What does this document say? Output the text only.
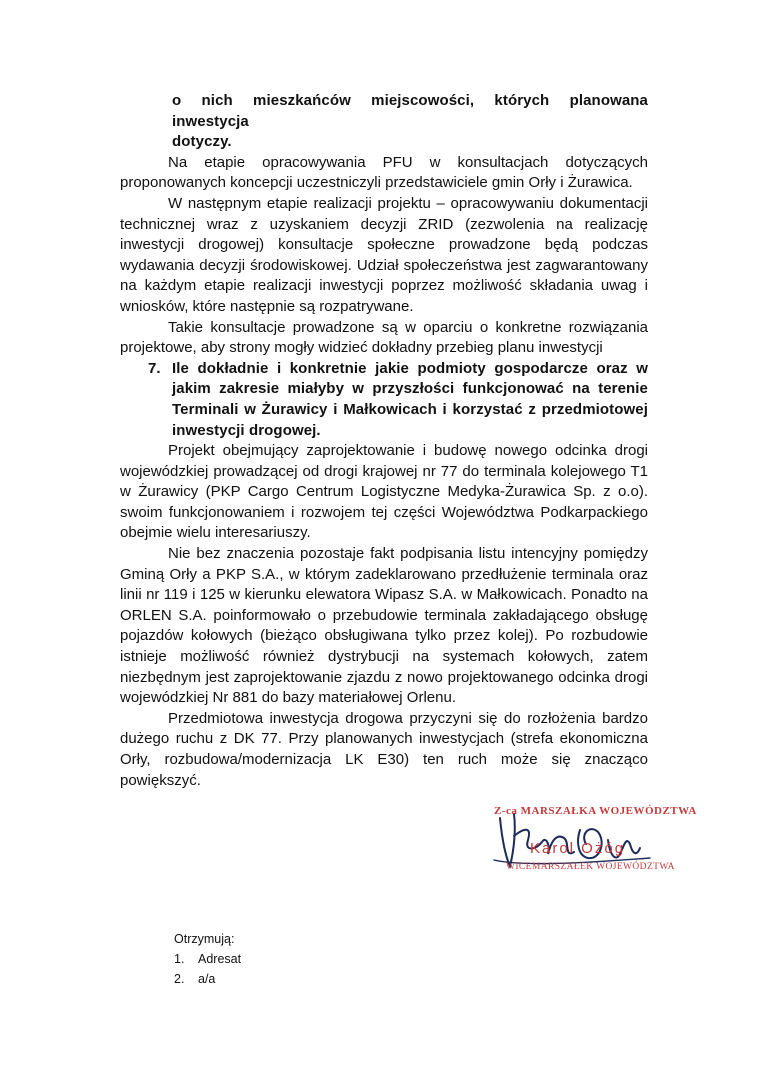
o nich mieszkańców miejscowości, których planowana inwestycja

dotyczy.

Na etapie opracowywania PFU w konsultacjach dotyczących proponowanych koncepcji uczestniczyli przedstawiciele gmin Orły i Żurawica.

W następnym etapie realizacji projektu – opracowywaniu dokumentacji technicznej wraz z uzyskaniem decyzji ZRID (zezwolenia na realizację inwestycji drogowej) konsultacje społeczne prowadzone będą podczas wydawania decyzji środowiskowej. Udział społeczeństwa jest zagwarantowany na każdym etapie realizacji inwestycji poprzez możliwość składania uwag i wniosków, które następnie są rozpatrywane.

Takie konsultacje prowadzone są w oparciu o konkretne rozwiązania projektowe, aby strony mogły widzieć dokładny przebieg planu inwestycji

7. Ile dokładnie i konkretnie jakie podmioty gospodarcze oraz w jakim zakresie miałyby w przyszłości funkcjonować na terenie Terminali w Żurawicy i Małkowicach i korzystać z przedmiotowej inwestycji drogowej.

Projekt obejmujący zaprojektowanie i budowę nowego odcinka drogi wojewódzkiej prowadzącej od drogi krajowej nr 77 do terminala kolejowego T1 w Żurawicy (PKP Cargo Centrum Logistyczne Medyka-Żurawica Sp. z o.o). swoim funkcjonowaniem i rozwojem tej części Województwa Podkarpackiego obejmie wielu interesariuszy.

Nie bez znaczenia pozostaje fakt podpisania listu intencyjny pomiędzy Gminą Orły a PKP S.A., w którym zadeklarowano przedłużenie terminala oraz linii nr 119 i 125 w kierunku elewatora Wipasz S.A. w Małkowicach. Ponadto na ORLEN S.A. poinformowało o przebudowie terminala zakładającego obsługę pojazdów kołowych (bieżąco obsługiwana tylko przez kolej). Po rozbudowie istnieje możliwość również dystrybucji na systemach kołowych, zatem niezbędnym jest zaprojektowanie zjazdu z nowo projektowanego odcinka drogi wojewódzkiej Nr 881 do bazy materiałowej Orlenu.

Przedmiotowa inwestycja drogowa przyczyni się do rozłożenia bardzo dużego ruchu z DK 77. Przy planowanych inwestycjach (strefa ekonomiczna Orły, rozbudowa/modernizacja LK E30) ten ruch może się znacząco powiększyć.

Z-ca MARSZAŁKA WOJEWÓDZTWA
Karol Ożóg
WICEMARSZAŁEK WOJEWÓDZTWA
Otrzymują:
1. Adresat
2. a/a
